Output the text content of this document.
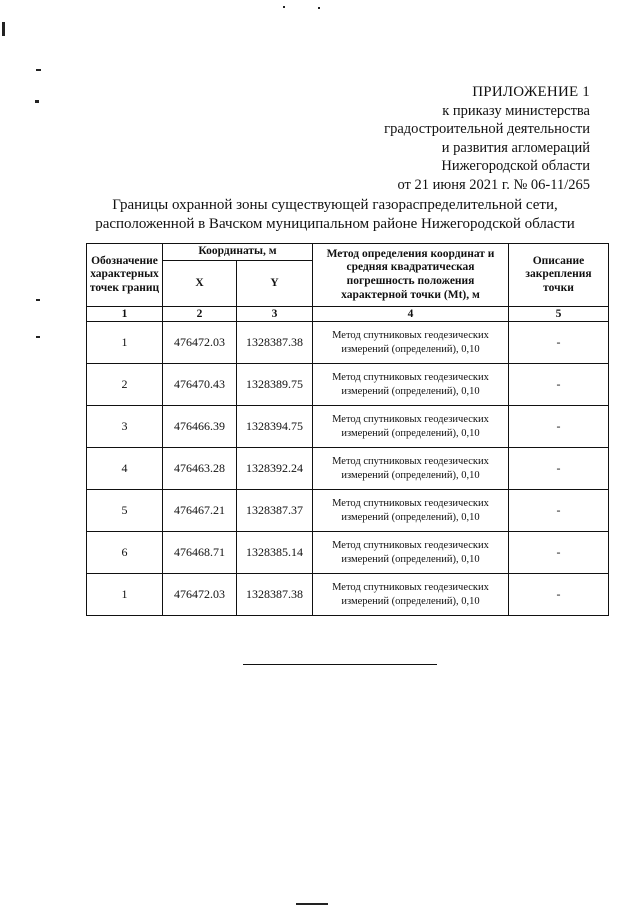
ПРИЛОЖЕНИЕ 1
к приказу министерства
градостроительной деятельности
и развития агломераций
Нижегородской области
от 21 июня 2021 г. № 06-11/265
Границы охранной зоны существующей газораспределительной сети,
расположенной в Вачском муниципальном районе Нижегородской области
Обозначение характерных точек границ	Координаты, м		Метод определения координат и средняя квадратическая погрешность положения характерной точки (Mt), м	Описание закрепления точки
	X	Y		
1	2	3	4	5
1	476472.03	1328387.38	Метод спутниковых геодезических измерений (определений), 0,10	-
2	476470.43	1328389.75	Метод спутниковых геодезических измерений (определений), 0,10	-
3	476466.39	1328394.75	Метод спутниковых геодезических измерений (определений), 0,10	-
4	476463.28	1328392.24	Метод спутниковых геодезических измерений (определений), 0,10	-
5	476467.21	1328387.37	Метод спутниковых геодезических измерений (определений), 0,10	-
6	476468.71	1328385.14	Метод спутниковых геодезических измерений (определений), 0,10	-
1	476472.03	1328387.38	Метод спутниковых геодезических измерений (определений), 0,10	-
